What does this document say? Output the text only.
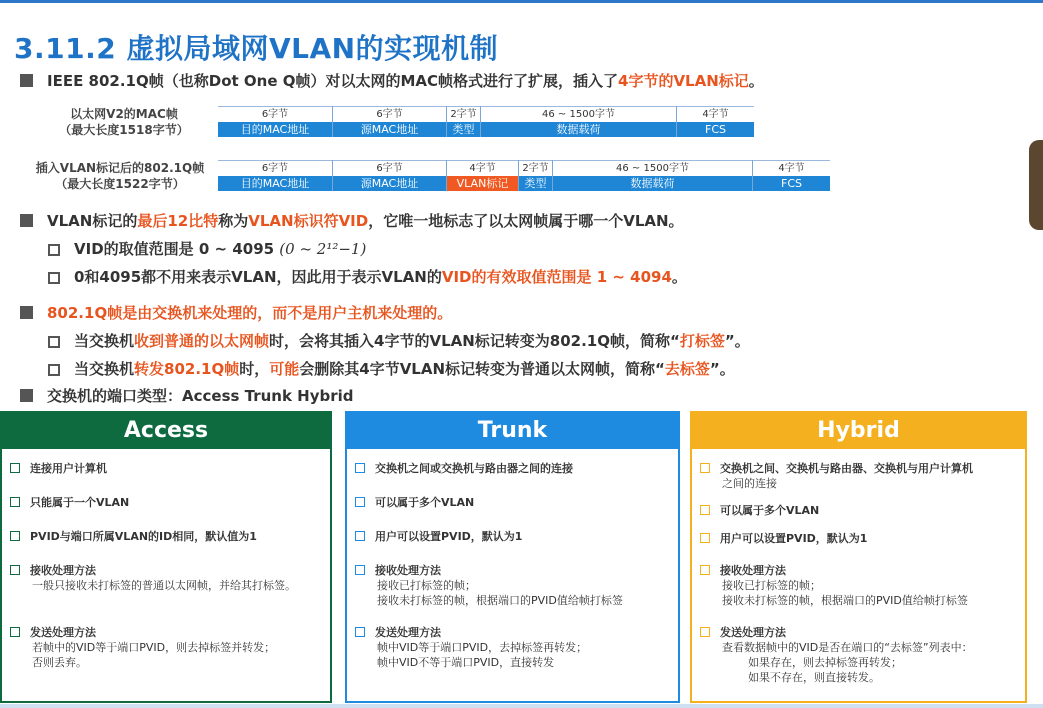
3.11.2 虚拟局域网VLAN的实现机制
IEEE 802.1Q帧（也称Dot One Q帧）对以太网的MAC帧格式进行了扩展，插入了4字节的VLAN标记。
以太网V2的MAC帧
（最大长度1518字节）
6字节
目的MAC地址
6字节
源MAC地址
2字节
类型
46 ~ 1500字节
数据载荷
4字节
FCS
插入VLAN标记后的802.1Q帧
（最大长度1522字节）
6字节
目的MAC地址
6字节
源MAC地址
4字节
VLAN标记
2字节
类型
46 ~ 1500字节
数据载荷
4字节
FCS
VLAN标记的最后12比特称为VLAN标识符VID，它唯一地标志了以太网帧属于哪一个VLAN。
VID的取值范围是 0 ~ 4095 (0 ~ 2¹²−1)
0和4095都不用来表示VLAN，因此用于表示VLAN的VID的有效取值范围是 1 ~ 4094。
802.1Q帧是由交换机来处理的，而不是用户主机来处理的。
当交换机收到普通的以太网帧时，会将其插入4字节的VLAN标记转变为802.1Q帧，简称“打标签”。
当交换机转发802.1Q帧时，可能会删除其4字节VLAN标记转变为普通以太网帧，简称“去标签”。
交换机的端口类型：Access Trunk Hybrid
Access
连接用户计算机
只能属于一个VLAN
PVID与端口所属VLAN的ID相同，默认值为1
接收处理方法
一般只接收未打标签的普通以太网帧，并给其打标签。
发送处理方法
若帧中的VID等于端口PVID，则去掉标签并转发；
否则丢弃。
Trunk
交换机之间或交换机与路由器之间的连接
可以属于多个VLAN
用户可以设置PVID，默认为1
接收处理方法
接收已打标签的帧；
接收未打标签的帧，根据端口的PVID值给帧打标签
发送处理方法
帧中VID等于端口PVID，去掉标签再转发；
帧中VID不等于端口PVID，直接转发
Hybrid
交换机之间、交换机与路由器、交换机与用户计算机
之间的连接
可以属于多个VLAN
用户可以设置PVID，默认为1
接收处理方法
接收已打标签的帧；
接收未打标签的帧，根据端口的PVID值给帧打标签
发送处理方法
查看数据帧中的VID是否在端口的“去标签”列表中：
如果存在，则去掉标签再转发；
如果不存在，则直接转发。
